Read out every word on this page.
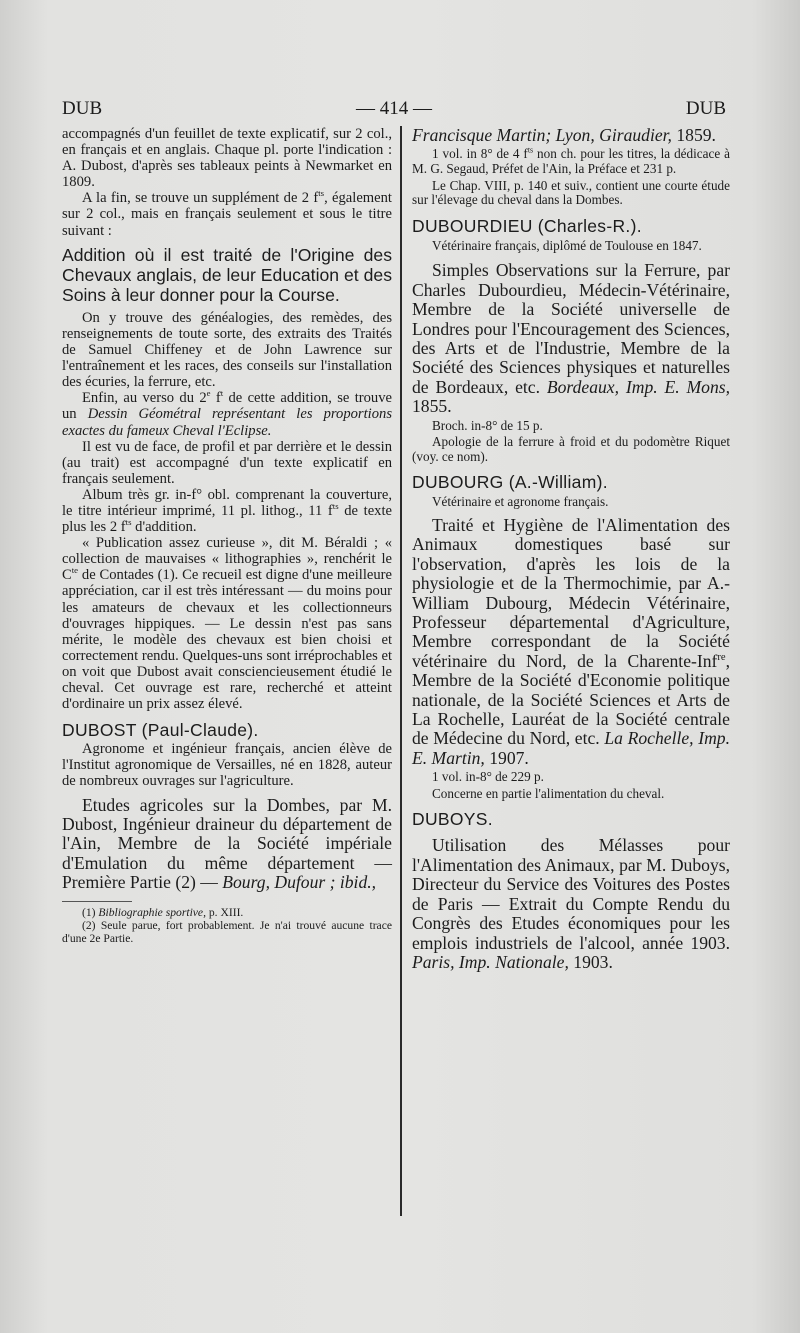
DUB	— 414 —	DUB

accompagnés d'un feuillet de texte explicatif, sur 2 col., en français et en anglais. Chaque pl. porte l'indication : A. Dubost, d'après ses tableaux peints à Newmarket en 1809.

A la fin, se trouve un supplément de 2 $f^{ts}$, également sur 2 col., mais en français seulement et sous le titre suivant :

Addition où il est traité de l'Origine des Chevaux anglais, de leur Education et des Soins à leur donner pour la Course.

On y trouve des généalogies, des remèdes, des renseignements de toute sorte, des extraits des Traités de Samuel Chiffeney et de John Lawrence sur l'entraînement et les races, des conseils sur l'installation des écuries, la ferrure, etc.

Enfin, au verso du 2e $f^t$ de cette addition, se trouve un Dessin Géométral représentant les proportions exactes du fameux Cheval l'Eclipse.

Il est vu de face, de profil et par derrière et le dessin (au trait) est accompagné d'un texte explicatif en français seulement.

Album très gr. in-f° obl. comprenant la couverture, le titre intérieur imprimé, 11 pl. lithog., 11 $f^{ts}$ de texte plus les 2 $f^{ts}$ d'addition.

« Publication assez curieuse », dit M. Béraldi ; « collection de mauvaises « lithographies », renchérit le $C^{te}$ de Contades (1). Ce recueil est digne d'une meilleure appréciation, car il est très intéressant — du moins pour les amateurs de chevaux et les collectionneurs d'ouvrages hippiques. — Le dessin n'est pas sans mérite, le modèle des chevaux est bien choisi et correctement rendu. Quelques-uns sont irréprochables et on voit que Dubost avait consciencieusement étudié le cheval. Cet ouvrage est rare, recherché et atteint d'ordinaire un prix assez élevé.

DUBOST (Paul-Claude).

Agronome et ingénieur français, ancien élève de l'Institut agronomique de Versailles, né en 1828, auteur de nombreux ouvrages sur l'agriculture.

Etudes agricoles sur la Dombes, par M. Dubost, Ingénieur draineur du département de l'Ain, Membre de la Société impériale d'Emulation du même département — Première Partie (2) — Bourg, Dufour ; ibid.,

(1) Bibliographie sportive, p. XIII.

(2) Seule parue, fort probablement. Je n'ai trouvé aucune trace d'une 2e Partie.

Francisque Martin; Lyon, Giraudier, 1859.

1 vol. in 8° de 4 $f^{ts}$ non ch. pour les titres, la dédicace à M. G. Segaud, Préfet de l'Ain, la Préface et 231 p.

Le Chap. VIII, p. 140 et suiv., contient une courte étude sur l'élevage du cheval dans la Dombes.

DUBOURDIEU (Charles-R.).

Vétérinaire français, diplômé de Toulouse en 1847.

Simples Observations sur la Ferrure, par Charles Dubourdieu, Médecin-Vétérinaire, Membre de la Société universelle de Londres pour l'Encouragement des Sciences, des Arts et de l'Industrie, Membre de la Société des Sciences physiques et naturelles de Bordeaux, etc. Bordeaux, Imp. E. Mons, 1855.

Broch. in-8° de 15 p.

Apologie de la ferrure à froid et du podomètre Riquet (voy. ce nom).

DUBOURG (A.-William).

Vétérinaire et agronome français.

Traité et Hygiène de l'Alimentation des Animaux domestiques basé sur l'observation, d'après les lois de la physiologie et de la Thermochimie, par A.-William Dubourg, Médecin Vétérinaire, Professeur départemental d'Agriculture, Membre correspondant de la Société vétérinaire du Nord, de la Charente-Inf$^{re}$, Membre de la Société d'Economie politique nationale, de la Société Sciences et Arts de La Rochelle, Lauréat de la Société centrale de Médecine du Nord, etc. La Rochelle, Imp. E. Martin, 1907.

1 vol. in-8° de 229 p.

Concerne en partie l'alimentation du cheval.

DUBOYS.

Utilisation des Mélasses pour l'Alimentation des Animaux, par M. Duboys, Directeur du Service des Voitures des Postes de Paris — Extrait du Compte Rendu du Congrès des Etudes économiques pour les emplois industriels de l'alcool, année 1903. Paris, Imp. Nationale, 1903.
